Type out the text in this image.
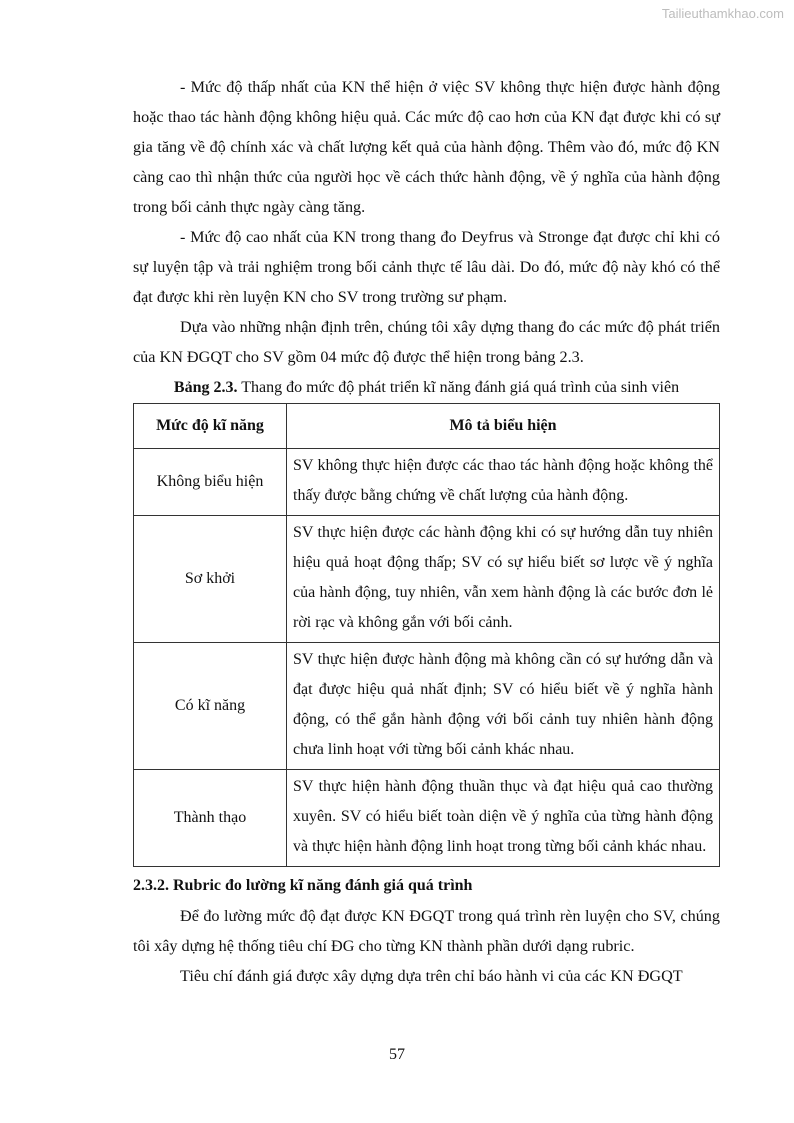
Tailieuthamkhao.com

- Mức độ thấp nhất của KN thể hiện ở việc SV không thực hiện được hành động hoặc thao tác hành động không hiệu quả. Các mức độ cao hơn của KN đạt được khi có sự gia tăng về độ chính xác và chất lượng kết quả của hành động. Thêm vào đó, mức độ KN càng cao thì nhận thức của người học về cách thức hành động, về ý nghĩa của hành động trong bối cảnh thực ngày càng tăng.

- Mức độ cao nhất của KN trong thang đo Deyfrus và Stronge đạt được chỉ khi có sự luyện tập và trải nghiệm trong bối cảnh thực tế lâu dài. Do đó, mức độ này khó có thể đạt được khi rèn luyện KN cho SV trong trường sư phạm.

Dựa vào những nhận định trên, chúng tôi xây dựng thang đo các mức độ phát triển của KN ĐGQT cho SV gồm 04 mức độ được thể hiện trong bảng 2.3.

Bảng 2.3. Thang đo mức độ phát triển kĩ năng đánh giá quá trình của sinh viên
Mức độ kĩ năng	Mô tả biểu hiện
Không biểu hiện	SV không thực hiện được các thao tác hành động hoặc không thể thấy được bằng chứng về chất lượng của hành động.
Sơ khởi	SV thực hiện được các hành động khi có sự hướng dẫn tuy nhiên hiệu quả hoạt động thấp; SV có sự hiểu biết sơ lược về ý nghĩa của hành động, tuy nhiên, vẫn xem hành động là các bước đơn lẻ rời rạc và không gắn với bối cảnh.
Có kĩ năng	SV thực hiện được hành động mà không cần có sự hướng dẫn và đạt được hiệu quả nhất định; SV có hiểu biết về ý nghĩa hành động, có thể gắn hành động với bối cảnh tuy nhiên hành động chưa linh hoạt với từng bối cảnh khác nhau.
Thành thạo	SV thực hiện hành động thuần thục và đạt hiệu quả cao thường xuyên. SV có hiểu biết toàn diện về ý nghĩa của từng hành động và thực hiện hành động linh hoạt trong từng bối cảnh khác nhau.
2.3.2. Rubric đo lường kĩ năng đánh giá quá trình

Để đo lường mức độ đạt được KN ĐGQT trong quá trình rèn luyện cho SV, chúng tôi xây dựng hệ thống tiêu chí ĐG cho từng KN thành phần dưới dạng rubric.

Tiêu chí đánh giá được xây dựng dựa trên chỉ báo hành vi của các KN ĐGQT

57
